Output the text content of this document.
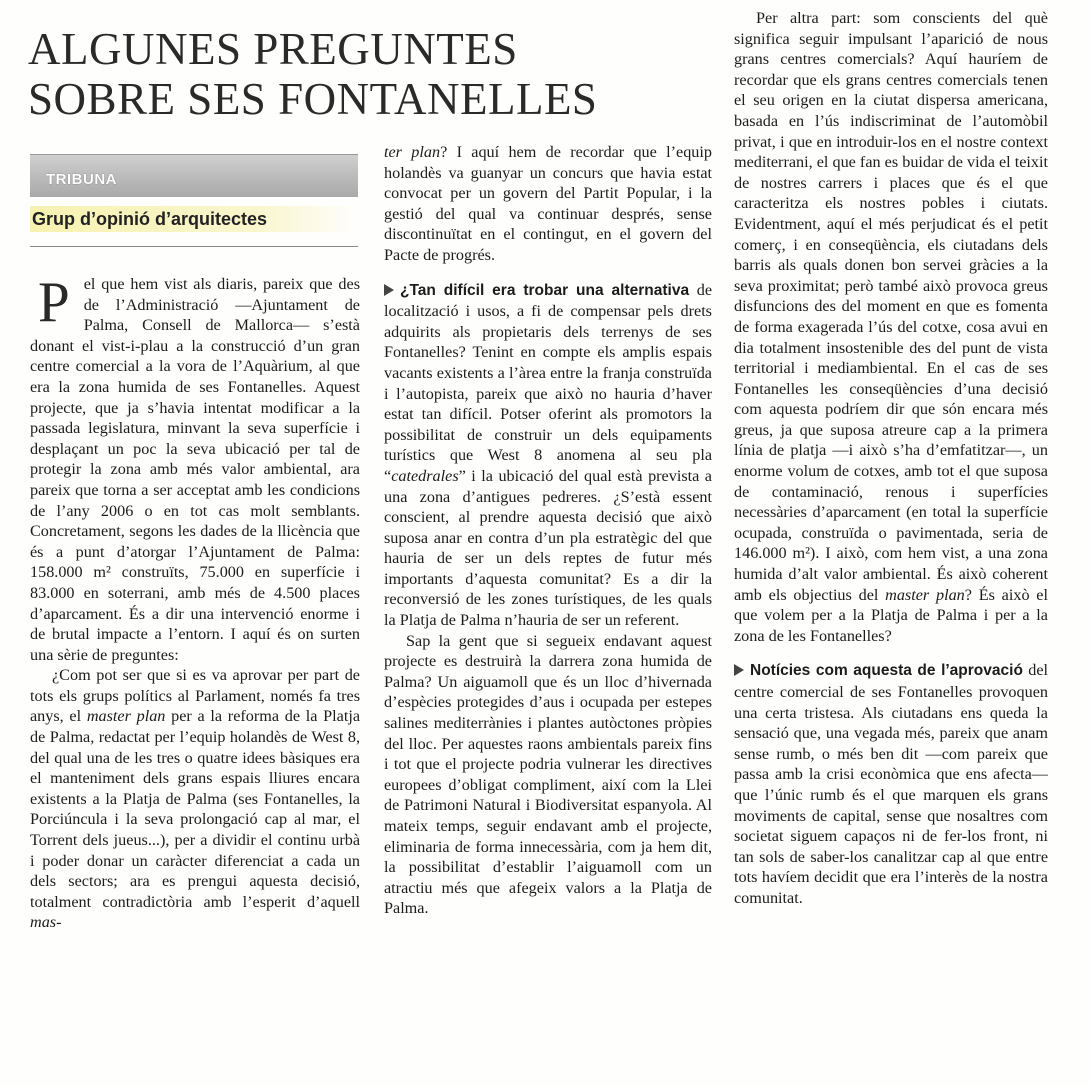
ALGUNES PREGUNTES
SOBRE SES FONTANELLES
TRIBUNA
Grup d’opinió d’arquitectes

Pel que hem vist als diaris, pareix que des de l’Administració —Ajuntament de Palma, Consell de Mallorca— s’està donant el vist-i-plau a la construcció d’un gran centre comercial a la vora de l’Aquàrium, al que era la zona humida de ses Fontanelles. Aquest projecte, que ja s’havia intentat modificar a la passada legislatura, minvant la seva superfície i desplaçant un poc la seva ubicació per tal de protegir la zona amb més valor ambiental, ara pareix que torna a ser acceptat amb les condicions de l’any 2006 o en tot cas molt semblants. Concretament, segons les dades de la llicència que és a punt d’atorgar l’Ajuntament de Palma: 158.000 m² construïts, 75.000 en superfície i 83.000 en soterrani, amb més de 4.500 places d’aparcament. És a dir una intervenció enorme i de brutal impacte a l’entorn. I aquí és on surten una sèrie de preguntes:

¿Com pot ser que si es va aprovar per part de tots els grups polítics al Parlament, només fa tres anys, el master plan per a la reforma de la Platja de Palma, redactat per l’equip holandès de West 8, del qual una de les tres o quatre idees bàsiques era el manteniment dels grans espais lliures encara existents a la Platja de Palma (ses Fontanelles, la Porciúncula i la seva prolongació cap al mar, el Torrent dels jueus...), per a dividir el continu urbà i poder donar un caràcter diferenciat a cada un dels sectors; ara es prengui aquesta decisió, totalment contradictòria amb l’esperit d’aquell mas-

ter plan? I aquí hem de recordar que l’equip holandès va guanyar un concurs que havia estat convocat per un govern del Partit Popular, i la gestió del qual va continuar després, sense discontinuïtat en el contingut, en el govern del Pacte de progrés.

¿Tan difícil era trobar una alternativa de localització i usos, a fi de compensar pels drets adquirits als propietaris dels terrenys de ses Fontanelles? Tenint en compte els amplis espais vacants existents a l’àrea entre la franja construïda i l’autopista, pareix que això no hauria d’haver estat tan difícil. Potser oferint als promotors la possibilitat de construir un dels equipaments turístics que West 8 anomena al seu pla “catedrales” i la ubicació del qual està prevista a una zona d’antigues pedreres. ¿S’està essent conscient, al prendre aquesta decisió que això suposa anar en contra d’un pla estratègic del que hauria de ser un dels reptes de futur més importants d’aquesta comunitat? Es a dir la reconversió de les zones turístiques, de les quals la Platja de Palma n’hauria de ser un referent.

Sap la gent que si segueix endavant aquest projecte es destruirà la darrera zona humida de Palma? Un aiguamoll que és un lloc d’hivernada d’espècies protegides d’aus i ocupada per estepes salines mediterrànies i plantes autòctones pròpies del lloc. Per aquestes raons ambientals pareix fins i tot que el projecte podria vulnerar les directives europees d’obligat compliment, així com la Llei de Patrimoni Natural i Biodiversitat espanyola. Al mateix temps, seguir endavant amb el projecte, eliminaria de forma innecessària, com ja hem dit, la possibilitat d’establir l’aiguamoll com un atractiu més que afegeix valors a la Platja de Palma.

Per altra part: som conscients del què significa seguir impulsant l’aparició de nous grans centres comercials? Aquí hauríem de recordar que els grans centres comercials tenen el seu origen en la ciutat dispersa americana, basada en l’ús indiscriminat de l’automòbil privat, i que en introduir-los en el nostre context mediterrani, el que fan es buidar de vida el teixit de nostres carrers i places que és el que caracteritza els nostres pobles i ciutats. Evidentment, aquí el més perjudicat és el petit comerç, i en conseqüència, els ciutadans dels barris als quals donen bon servei gràcies a la seva proximitat; però també això provoca greus disfuncions des del moment en que es fomenta de forma exagerada l’ús del cotxe, cosa avui en dia totalment insostenible des del punt de vista territorial i mediambiental. En el cas de ses Fontanelles les conseqüències d’una decisió com aquesta podríem dir que són encara més greus, ja que suposa atreure cap a la primera línia de platja —i això s’ha d’emfatitzar—, un enorme volum de cotxes, amb tot el que suposa de contaminació, renous i superfícies necessàries d’aparcament (en total la superfície ocupada, construïda o pavimentada, seria de 146.000 m²). I això, com hem vist, a una zona humida d’alt valor ambiental. És això coherent amb els objectius del master plan? És això el que volem per a la Platja de Palma i per a la zona de les Fontanelles?

Notícies com aquesta de l’aprovació del centre comercial de ses Fontanelles provoquen una certa tristesa. Als ciutadans ens queda la sensació que, una vegada més, pareix que anam sense rumb, o més ben dit —com pareix que passa amb la crisi econòmica que ens afecta— que l’únic rumb és el que marquen els grans moviments de capital, sense que nosaltres com societat siguem capaços ni de fer-los front, ni tan sols de saber-los canalitzar cap al que entre tots havíem decidit que era l’interès de la nostra comunitat.
